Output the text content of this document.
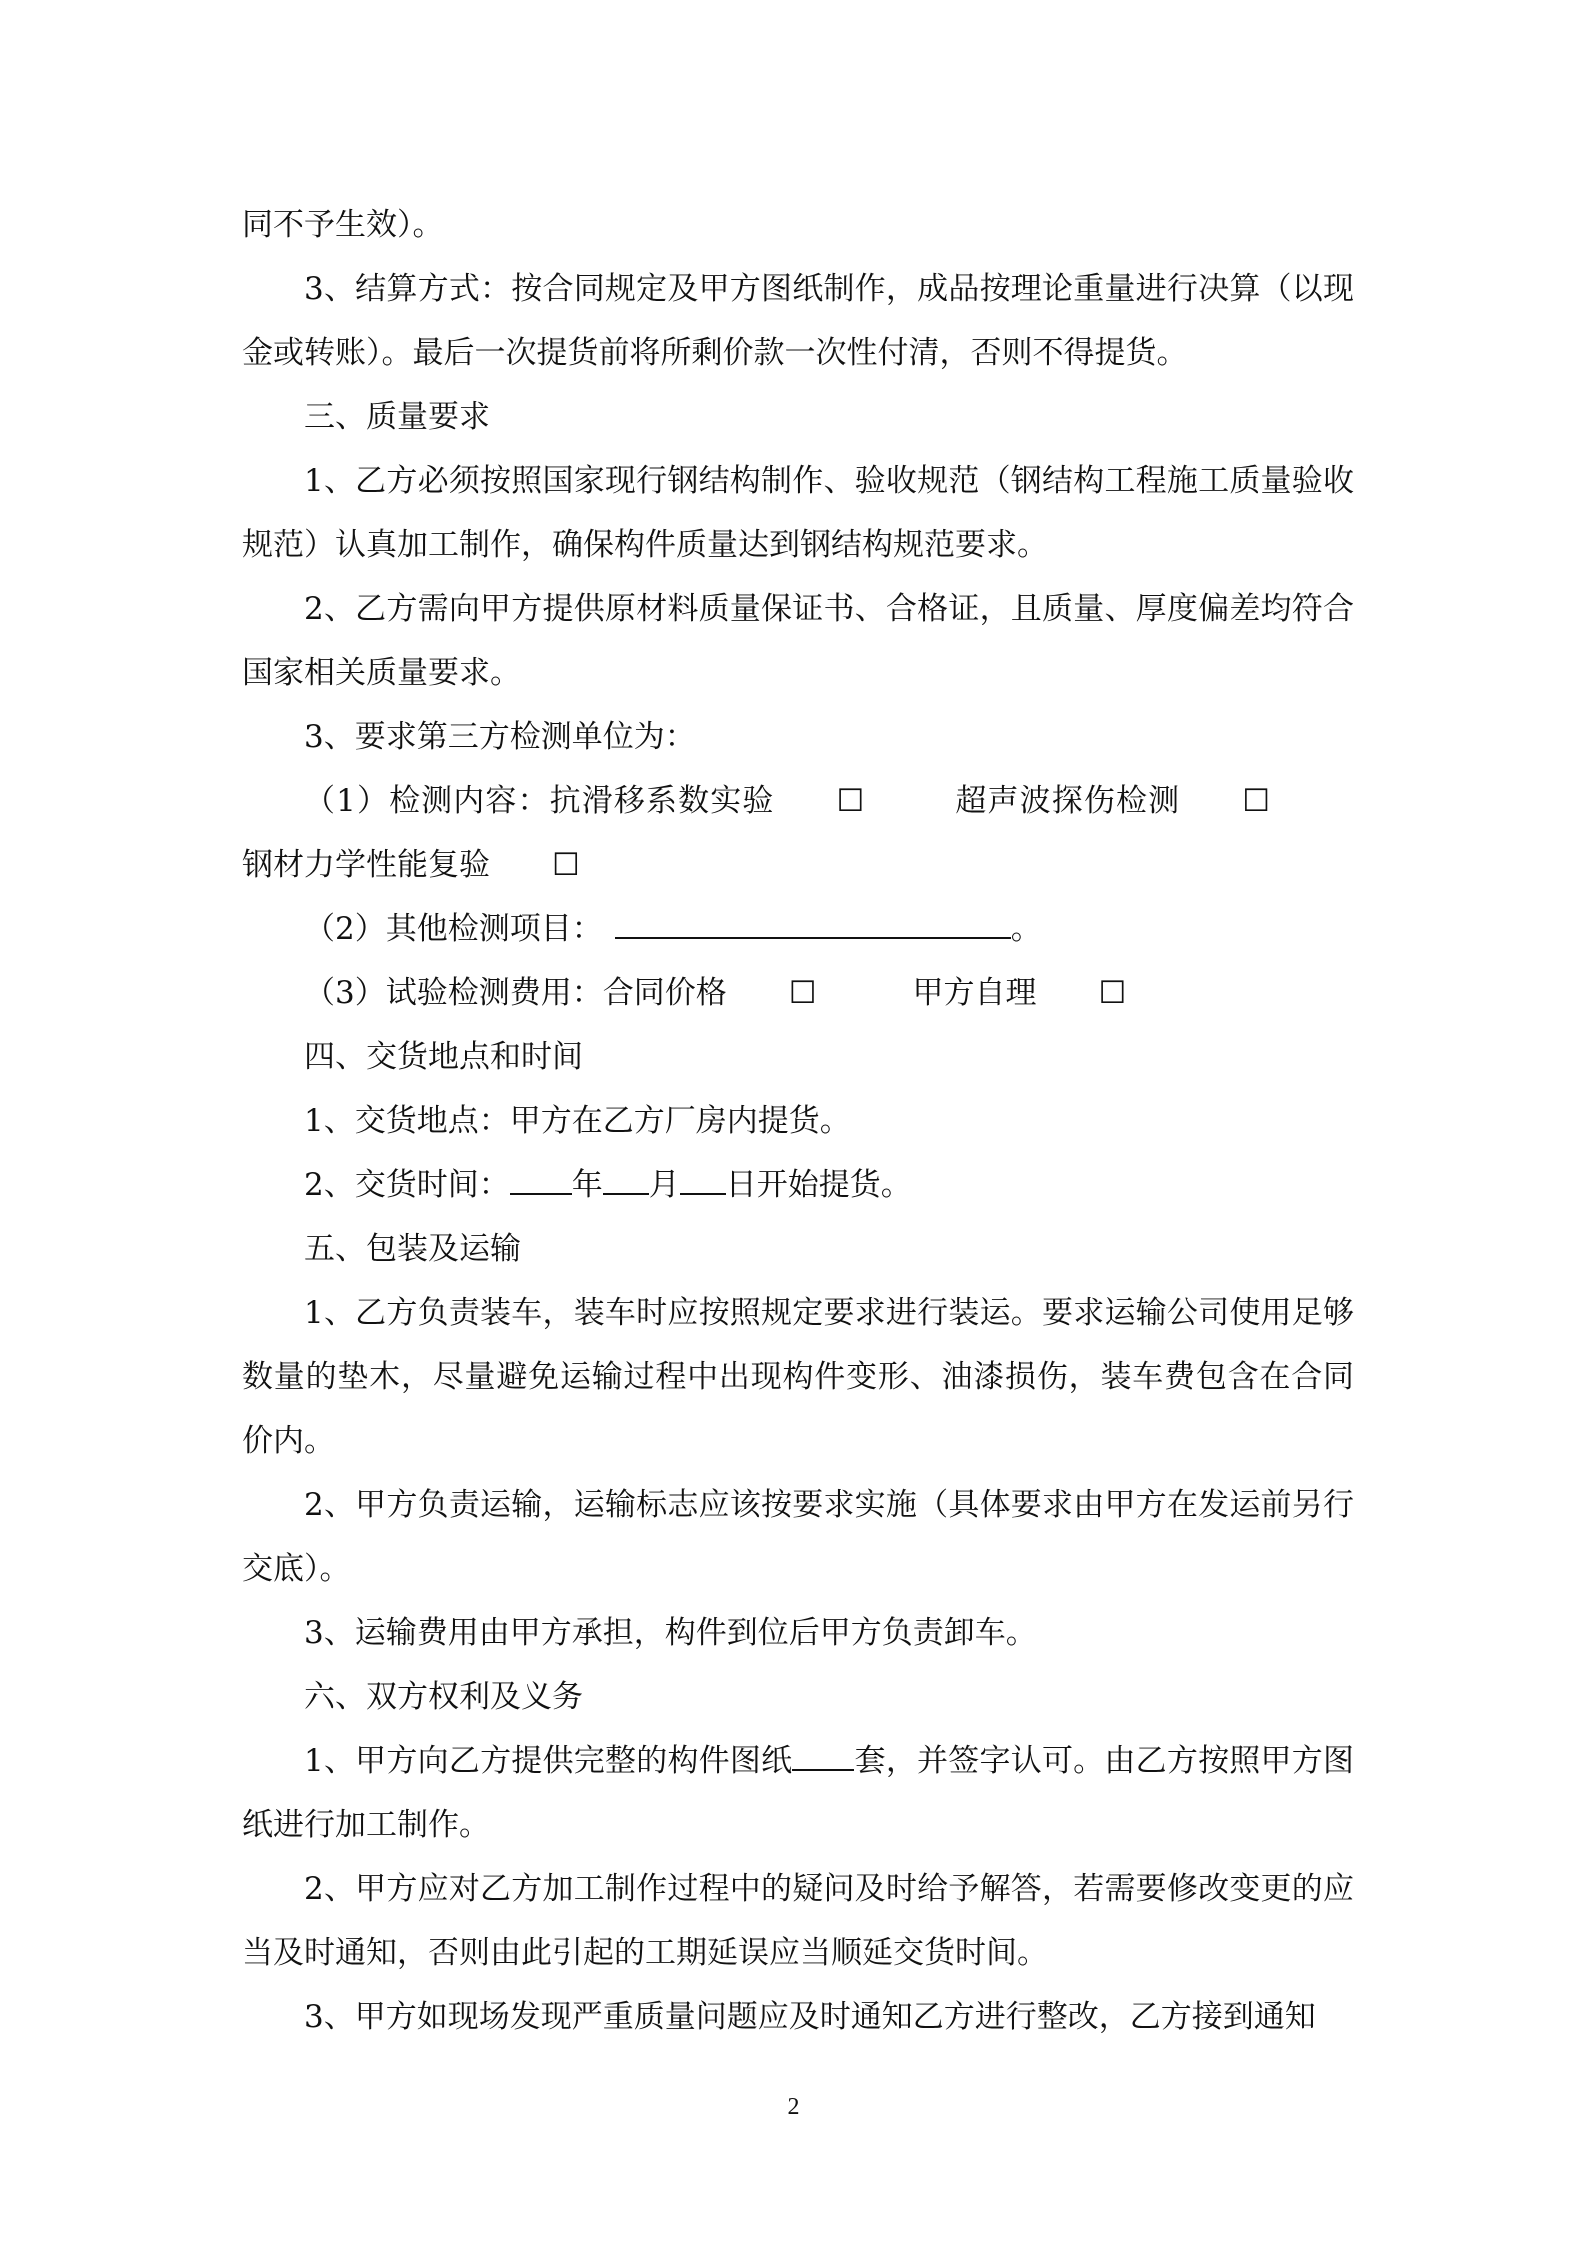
同不予生效）。

3、结算方式：按合同规定及甲方图纸制作，成品按理论重量进行决算（以现金或转账）。最后一次提货前将所剩价款一次性付清，否则不得提货。

三、质量要求

1、乙方必须按照国家现行钢结构制作、验收规范（钢结构工程施工质量验收规范）认真加工制作，确保构件质量达到钢结构规范要求。

2、乙方需向甲方提供原材料质量保证书、合格证，且质量、厚度偏差均符合国家相关质量要求。

3、要求第三方检测单位为：

（1）检测内容：抗滑移系数实验 ☐	超声波探伤检测 ☐钢材力学性能复验 ☐

（2）其他检测项目：	。

（3）试验检测费用：合同价格 ☐	甲方自理 ☐

四、交货地点和时间

1、交货地点：甲方在乙方厂房内提货。

2、交货时间： 年 月 日开始提货。

五、包装及运输

1、乙方负责装车，装车时应按照规定要求进行装运。要求运输公司使用足够数量的垫木，尽量避免运输过程中出现构件变形、油漆损伤，装车费包含在合同价内。

2、甲方负责运输，运输标志应该按要求实施（具体要求由甲方在发运前另行交底）。

3、运输费用由甲方承担，构件到位后甲方负责卸车。

六、双方权利及义务

1、甲方向乙方提供完整的构件图纸 套，并签字认可。由乙方按照甲方图纸进行加工制作。

2、甲方应对乙方加工制作过程中的疑问及时给予解答，若需要修改变更的应当及时通知，否则由此引起的工期延误应当顺延交货时间。

3、甲方如现场发现严重质量问题应及时通知乙方进行整改，乙方接到通知

2
